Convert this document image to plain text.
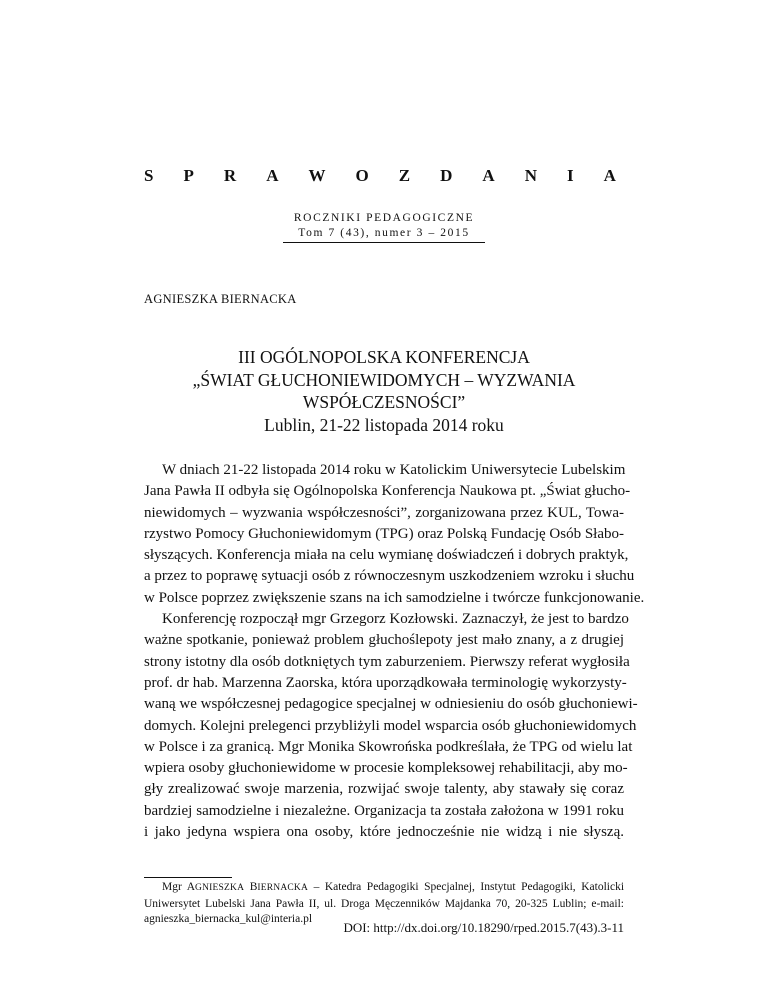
S P R A W O Z D A N I A
ROCZNIKI PEDAGOGICZNE
Tom 7 (43), numer 3 – 2015
AGNIESZKA BIERNACKA
III OGÓLNOPOLSKA KONFERENCJA
„ŚWIAT GŁUCHONIEWIDOMYCH – WYZWANIA
WSPÓŁCZESNOŚCI”
Lublin, 21-22 listopada 2014 roku
W dniach 21-22 listopada 2014 roku w Katolickim Uniwersytecie Lubelskim
Jana Pawła II odbyła się Ogólnopolska Konferencja Naukowa pt. „Świat głucho-
niewidomych – wyzwania współczesności”, zorganizowana przez KUL, Towa-
rzystwo Pomocy Głuchoniewidomym (TPG) oraz Polską Fundację Osób Słabo-
słyszących. Konferencja miała na celu wymianę doświadczeń i dobrych praktyk,
a przez to poprawę sytuacji osób z równoczesnym uszkodzeniem wzroku i słuchu
w Polsce poprzez zwiększenie szans na ich samodzielne i twórcze funkcjonowanie.
Konferencję rozpoczął mgr Grzegorz Kozłowski. Zaznaczył, że jest to bardzo
ważne spotkanie, ponieważ problem głuchoślepoty jest mało znany, a z drugiej
strony istotny dla osób dotkniętych tym zaburzeniem. Pierwszy referat wygłosiła
prof. dr hab. Marzenna Zaorska, która uporządkowała terminologię wykorzysty-
waną we współczesnej pedagogice specjalnej w odniesieniu do osób głuchoniewi-
domych. Kolejni prelegenci przybliżyli model wsparcia osób głuchoniewidomych
w Polsce i za granicą. Mgr Monika Skowrońska podkreślała, że TPG od wielu lat
wpiera osoby głuchoniewidome w procesie kompleksowej rehabilitacji, aby mo-
gły zrealizować swoje marzenia, rozwijać swoje talenty, aby stawały się coraz
bardziej samodzielne i niezależne. Organizacja ta została założona w 1991 roku
i jako jedyna wspiera ona osoby, które jednocześnie nie widzą i nie słyszą.
Mgr AGNIESZKA BIERNACKA – Katedra Pedagogiki Specjalnej, Instytut Pedagogiki, Katolicki
Uniwersytet Lubelski Jana Pawła II, ul. Droga Męczenników Majdanka 70, 20-325 Lublin; e-mail:
agnieszka_biernacka_kul@interia.pl
DOI: http://dx.doi.org/10.18290/rped.2015.7(43).3-11
